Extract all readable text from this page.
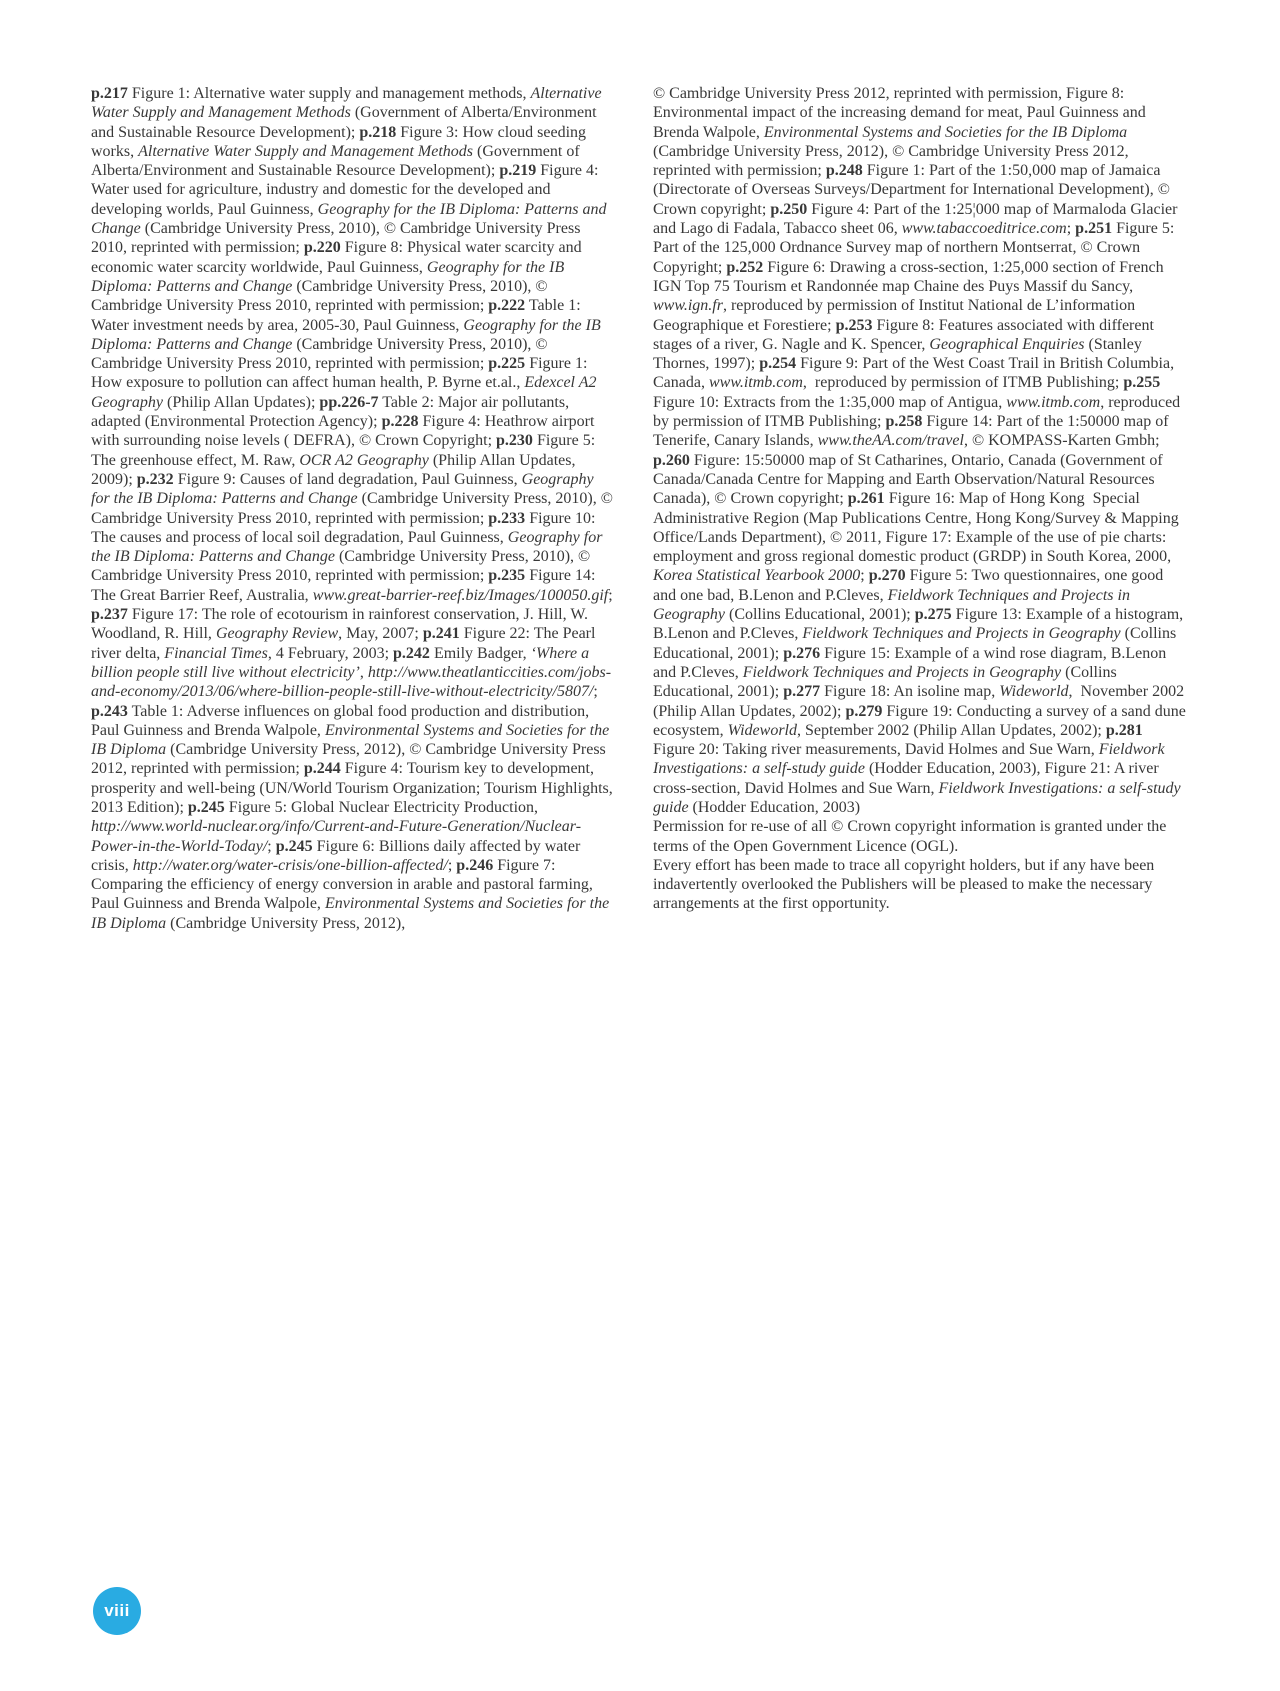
p.217 Figure 1: Alternative water supply and management methods, Alternative Water Supply and Management Methods (Government of Alberta/Environment and Sustainable Resource Development); p.218 Figure 3: How cloud seeding works, Alternative Water Supply and Management Methods (Government of Alberta/Environment and Sustainable Resource Development); p.219 Figure 4: Water used for agriculture, industry and domestic for the developed and developing worlds, Paul Guinness, Geography for the IB Diploma: Patterns and Change (Cambridge University Press, 2010), © Cambridge University Press 2010, reprinted with permission; p.220 Figure 8: Physical water scarcity and economic water scarcity worldwide, Paul Guinness, Geography for the IB Diploma: Patterns and Change (Cambridge University Press, 2010), © Cambridge University Press 2010, reprinted with permission; p.222 Table 1: Water investment needs by area, 2005-30, Paul Guinness, Geography for the IB Diploma: Patterns and Change (Cambridge University Press, 2010), © Cambridge University Press 2010, reprinted with permission; p.225 Figure 1: How exposure to pollution can affect human health, P. Byrne et.al., Edexcel A2 Geography (Philip Allan Updates); pp.226-7 Table 2: Major air pollutants, adapted (Environmental Protection Agency); p.228 Figure 4: Heathrow airport with surrounding noise levels ( DEFRA), © Crown Copyright; p.230 Figure 5: The greenhouse effect, M. Raw, OCR A2 Geography (Philip Allan Updates, 2009); p.232 Figure 9: Causes of land degradation, Paul Guinness, Geography for the IB Diploma: Patterns and Change (Cambridge University Press, 2010), © Cambridge University Press 2010, reprinted with permission; p.233 Figure 10: The causes and process of local soil degradation, Paul Guinness, Geography for the IB Diploma: Patterns and Change (Cambridge University Press, 2010), © Cambridge University Press 2010, reprinted with permission; p.235 Figure 14: The Great Barrier Reef, Australia, www.great-barrier-reef.biz/Images/100050.gif; p.237 Figure 17: The role of ecotourism in rainforest conservation, J. Hill, W. Woodland, R. Hill, Geography Review, May, 2007; p.241 Figure 22: The Pearl river delta, Financial Times, 4 February, 2003; p.242 Emily Badger, ‘Where a billion people still live without electricity’, http://www.theatlanticcities.com/jobs-and-economy/2013/06/where-billion-people-still-live-without-electricity/5807/; p.243 Table 1: Adverse influences on global food production and distribution, Paul Guinness and Brenda Walpole, Environmental Systems and Societies for the IB Diploma (Cambridge University Press, 2012), © Cambridge University Press 2012, reprinted with permission; p.244 Figure 4: Tourism key to development, prosperity and well-being (UN/World Tourism Organization; Tourism Highlights, 2013 Edition); p.245 Figure 5: Global Nuclear Electricity Production, http://www.world-nuclear.org/info/Current-and-Future-Generation/Nuclear-Power-in-the-World-Today/; p.245 Figure 6: Billions daily affected by water crisis, http://water.org/water-crisis/one-billion-affected/; p.246 Figure 7: Comparing the efficiency of energy conversion in arable and pastoral farming, Paul Guinness and Brenda Walpole, Environmental Systems and Societies for the IB Diploma (Cambridge University Press, 2012),
© Cambridge University Press 2012, reprinted with permission, Figure 8: Environmental impact of the increasing demand for meat, Paul Guinness and Brenda Walpole, Environmental Systems and Societies for the IB Diploma (Cambridge University Press, 2012), © Cambridge University Press 2012, reprinted with permission; p.248 Figure 1: Part of the 1:50,000 map of Jamaica (Directorate of Overseas Surveys/Department for International Development), © Crown copyright; p.250 Figure 4: Part of the 1:25¦000 map of Marmaloda Glacier and Lago di Fadala, Tabacco sheet 06, www.tabaccoeditrice.com; p.251 Figure 5: Part of the 125,000 Ordnance Survey map of northern Montserrat, © Crown Copyright; p.252 Figure 6: Drawing a cross-section, 1:25,000 section of French IGN Top 75 Tourism et Randonnée map Chaine des Puys Massif du Sancy, www.ign.fr, reproduced by permission of Institut National de L’information Geographique et Forestiere; p.253 Figure 8: Features associated with different stages of a river, G. Nagle and K. Spencer, Geographical Enquiries (Stanley Thornes, 1997); p.254 Figure 9: Part of the West Coast Trail in British Columbia, Canada, www.itmb.com,  reproduced by permission of ITMB Publishing; p.255 Figure 10: Extracts from the 1:35,000 map of Antigua, www.itmb.com, reproduced by permission of ITMB Publishing; p.258 Figure 14: Part of the 1:50000 map of Tenerife, Canary Islands, www.theAA.com/travel, © KOMPASS-Karten Gmbh; p.260 Figure: 15:50000 map of St Catharines, Ontario, Canada (Government of Canada/Canada Centre for Mapping and Earth Observation/Natural Resources Canada), © Crown copyright; p.261 Figure 16: Map of Hong Kong  Special Administrative Region (Map Publications Centre, Hong Kong/Survey & Mapping Office/Lands Department), © 2011, Figure 17: Example of the use of pie charts: employment and gross regional domestic product (GRDP) in South Korea, 2000, Korea Statistical Yearbook 2000; p.270 Figure 5: Two questionnaires, one good and one bad, B.Lenon and P.Cleves, Fieldwork Techniques and Projects in Geography (Collins Educational, 2001); p.275 Figure 13: Example of a histogram, B.Lenon and P.Cleves, Fieldwork Techniques and Projects in Geography (Collins Educational, 2001); p.276 Figure 15: Example of a wind rose diagram, B.Lenon and P.Cleves, Fieldwork Techniques and Projects in Geography (Collins Educational, 2001); p.277 Figure 18: An isoline map, Wideworld,  November 2002 (Philip Allan Updates, 2002); p.279 Figure 19: Conducting a survey of a sand dune ecosystem, Wideworld, September 2002 (Philip Allan Updates, 2002); p.281 Figure 20: Taking river measurements, David Holmes and Sue Warn, Fieldwork Investigations: a self-study guide (Hodder Education, 2003), Figure 21: A river cross-section, David Holmes and Sue Warn, Fieldwork Investigations: a self-study guide (Hodder Education, 2003)
Permission for re-use of all © Crown copyright information is granted under the terms of the Open Government Licence (OGL).
Every effort has been made to trace all copyright holders, but if any have been indavertently overlooked the Publishers will be pleased to make the necessary arrangements at the first opportunity.
viii
